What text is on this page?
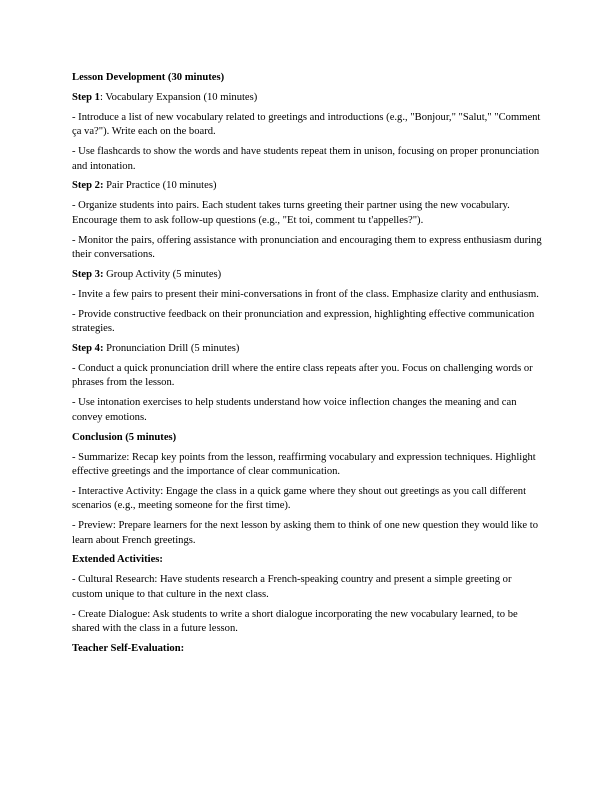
Lesson Development (30 minutes)
Step 1: Vocabulary Expansion (10 minutes)
- Introduce a list of new vocabulary related to greetings and introductions (e.g., "Bonjour," "Salut," "Comment ça va?"). Write each on the board.
- Use flashcards to show the words and have students repeat them in unison, focusing on proper pronunciation and intonation.
Step 2: Pair Practice (10 minutes)
- Organize students into pairs. Each student takes turns greeting their partner using the new vocabulary. Encourage them to ask follow-up questions (e.g., "Et toi, comment tu t'appelles?").
- Monitor the pairs, offering assistance with pronunciation and encouraging them to express enthusiasm during their conversations.
Step 3: Group Activity (5 minutes)
- Invite a few pairs to present their mini-conversations in front of the class. Emphasize clarity and enthusiasm.
- Provide constructive feedback on their pronunciation and expression, highlighting effective communication strategies.
Step 4: Pronunciation Drill (5 minutes)
- Conduct a quick pronunciation drill where the entire class repeats after you. Focus on challenging words or phrases from the lesson.
- Use intonation exercises to help students understand how voice inflection changes the meaning and can convey emotions.
Conclusion (5 minutes)
- Summarize: Recap key points from the lesson, reaffirming vocabulary and expression techniques. Highlight effective greetings and the importance of clear communication.
- Interactive Activity: Engage the class in a quick game where they shout out greetings as you call different scenarios (e.g., meeting someone for the first time).
- Preview: Prepare learners for the next lesson by asking them to think of one new question they would like to learn about French greetings.
Extended Activities:
- Cultural Research: Have students research a French-speaking country and present a simple greeting or custom unique to that culture in the next class.
- Create Dialogue: Ask students to write a short dialogue incorporating the new vocabulary learned, to be shared with the class in a future lesson.
Teacher Self-Evaluation:
